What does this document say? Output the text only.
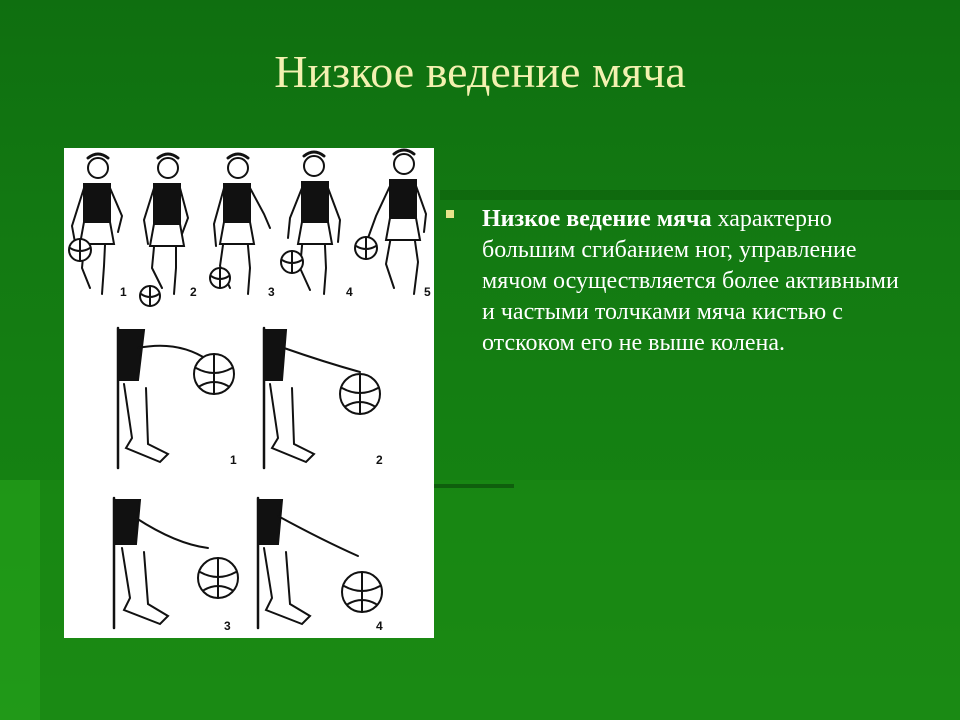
Низкое ведение мяча
1	2	3	4	5
1	2
3	4
Низкое ведение мяча характерно большим сгибанием ног, управление мячом осуществляется более активными и частыми толчками мяча кистью с отскоком его не выше колена.
